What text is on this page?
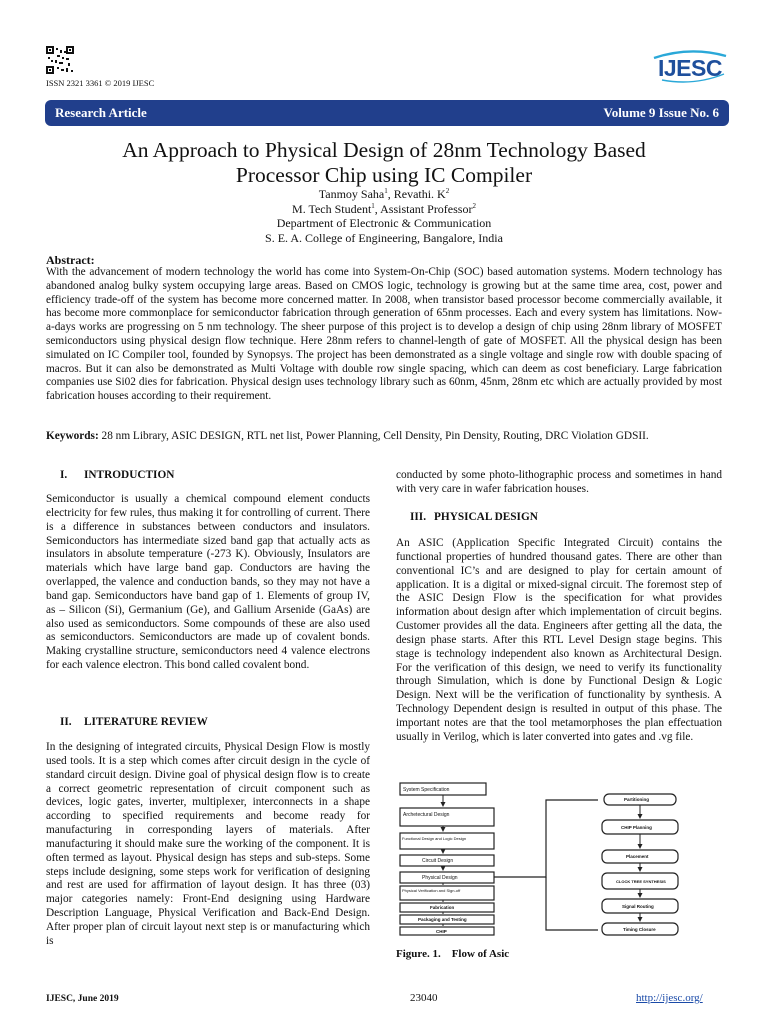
ISSN 2321 3361 © 2019 IJESC
IJESC
Research Article	Volume 9 Issue No. 6
An Approach to Physical Design of 28nm Technology Based
Processor Chip using IC Compiler
Tanmoy Saha$^1$, Revathi. $K^2$
M. Tech Student$^1$, Assistant Professor$^2$
Department of Electronic & Communication
S. E. A. College of Engineering, Bangalore, India
Abstract:
With the advancement of modern technology the world has come into System-On-Chip (SOC) based automation systems. Modern technology has abandoned analog bulky system occupying large areas. Based on CMOS logic, technology is growing but at the same time area, cost, power and efficiency trade-off of the system has become more concerned matter. In 2008, when transistor based processor become commercially available, it has become more commonplace for semiconductor fabrication through generation of 65nm processes. Each and every system has limitations. Now-a-days works are progressing on 5 nm technology. The sheer purpose of this project is to develop a design of chip using 28nm library of MOSFET semiconductors using physical design flow technique. Here 28nm refers to channel-length of gate of MOSFET. All the physical design has been simulated on IC Compiler tool, founded by Synopsys. The project has been demonstrated as a single voltage and single row with double spacing of macros. But it can also be demonstrated as Multi Voltage with double row single spacing, which can deem as cost beneficiary. Large fabrication companies use Si02 dies for fabrication. Physical design uses technology library such as 60nm, 45nm, 28nm etc which are actually provided by most fabrication houses according to their requirement.
Keywords: 28 nm Library, ASIC DESIGN, RTL net list, Power Planning, Cell Density, Pin Density, Routing, DRC Violation GDSII.
I. INTRODUCTION
Semiconductor is usually a chemical compound element conducts electricity for few rules, thus making it for controlling of current. There is a difference in substances between conductors and insulators. Semiconductors has intermediate sized band gap that actually acts as insulators in absolute temperature (-273 K). Obviously, Insulators are materials which have large band gap. Conductors are having the overlapped, the valence and conduction bands, so they may not have a band gap. Semiconductors have band gap of 1. Elements of group IV, as – Silicon (Si), Germanium (Ge), and Gallium Arsenide (GaAs) are also used as semiconductors. Some compounds of these are also used as semiconductors. Semiconductors are made up of covalent bonds. Making crystalline structure, semiconductors need 4 valence electrons for each valence electron. This bond called covalent bond.
II. LITERATURE REVIEW
In the designing of integrated circuits, Physical Design Flow is mostly used tools. It is a step which comes after circuit design in the cycle of standard circuit design. Divine goal of physical design flow is to create a correct geometric representation of circuit component such as devices, logic gates, inverter, multiplexer, interconnects in a shape according to specified requirements and become ready for manufacturing in corresponding layers of materials. After manufacturing it should make sure the working of the component. It is often termed as layout. Physical design has steps and sub-steps. Some steps include designing, some steps work for verification of designing and rest are used for affirmation of layout design. It has three (03) major categories namely: Front-End designing using Hardware Description Language, Physical Verification and Back-End Design. After proper plan of circuit layout next step is or manufacturing which is
conducted by some photo-lithographic process and sometimes in hand with very care in wafer fabrication houses.
III. PHYSICAL DESIGN
An ASIC (Application Specific Integrated Circuit) contains the functional properties of hundred thousand gates. There are other than conventional IC’s and are designed to play for certain amount of application. It is a digital or mixed-signal circuit. The foremost step of the ASIC Design Flow is the specification for what provides information about design after which implementation of circuit begins. Customer provides all the data. Engineers after getting all the data, the design phase starts. After this RTL Level Design stage begins. This stage is technology independent also known as Architectural Design. For the verification of this design, we need to verify its functionality through Simulation, which is done by Functional Design & Logic Design. Next will be the verification of functionality by synthesis. A Technology Dependent design is resulted in output of this phase. The important notes are that the tool metamorphoses the plan effectuation usually in Verilog, which is later converted into gates and .vg file.
System Specification
Archetectural Design
Functional Design and Logic Design
Circuit Design
Physical Design
Physical Verification and Sign-off
Fabrication
Packaging and Testing
CHIP
Partitioning
CHIP Planning
Placement
CLOCK TREE SYNTHESIS
Signal Routing
Timing Closure
Figure. 1.    Flow of Asic
IJESC, June 2019	23040	http://ijesc.org/
